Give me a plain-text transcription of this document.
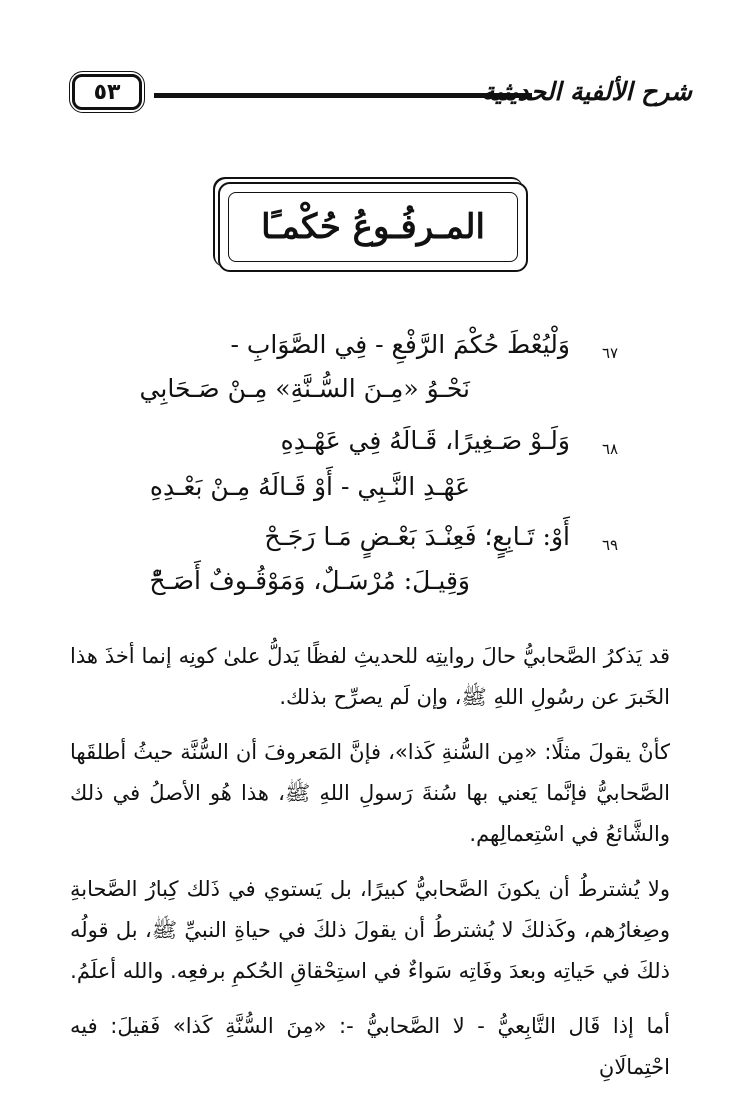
٥٣	شرح الألفية الحديثية
المـرفُـوعُ حُكْمـًا
٦٧
وَلْيُعْطَ حُكْمَ الرَّفْعِ - فِي الصَّوَابِ -
نَحْـوُ «مِـنَ السُّـنَّةِ» مِـنْ صَـحَابِي
٦٨
وَلَـوْ صَـغِيرًا، قَـالَهُ فِي عَهْـدِهِ
عَهْـدِ النَّـبِي - أَوْ قَـالَهُ مِـنْ بَعْـدِهِ
٦٩
أَوْ: تَـابِعٍ؛ فَعِنْـدَ بَعْـضٍ مَـا رَجَـحْ
وَقِيـلَ: مُرْسَـلٌ، وَمَوْقُـوفٌ أَصَـحّْ

قد يَذكرُ الصَّحابيُّ حالَ روايتِه للحديثِ لفظًا يَدلُّ علىٰ كونِه إنما أخذَ هذا الخَبرَ عن رسُولِ اللهِ ﷺ، وإن لَم يصرِّح بذلك.

كأنْ يقولَ مثلًا: «مِن السُّنةِ كَذا»، فإنَّ المَعروفَ أن السُّنَّة حيثُ أطلقَها الصَّحابيُّ فإنَّما يَعني بها سُنةَ رَسولِ اللهِ ﷺ، هذا هُو الأصلُ في ذلك والشَّائعُ في اسْتِعمالِهم.

ولا يُشترطُ أن يكونَ الصَّحابيُّ كبيرًا، بل يَستوي في ذَلك كِبارُ الصَّحابةِ وصِغارُهم، وكَذلكَ لا يُشترطُ أن يقولَ ذلكَ في حياةِ النبيِّ ﷺ، بل قولُه ذلكَ في حَياتِه وبعدَ وفَاتِه سَواءٌ في استِحْقاقِ الحُكمِ برفعِه. والله أعلَمُ.

أما إذا قَال التَّابِعيُّ - لا الصَّحابيُّ -: «مِنَ السُّنَّةِ كَذا» فَقيلَ: فيه احْتِمالَانِ
